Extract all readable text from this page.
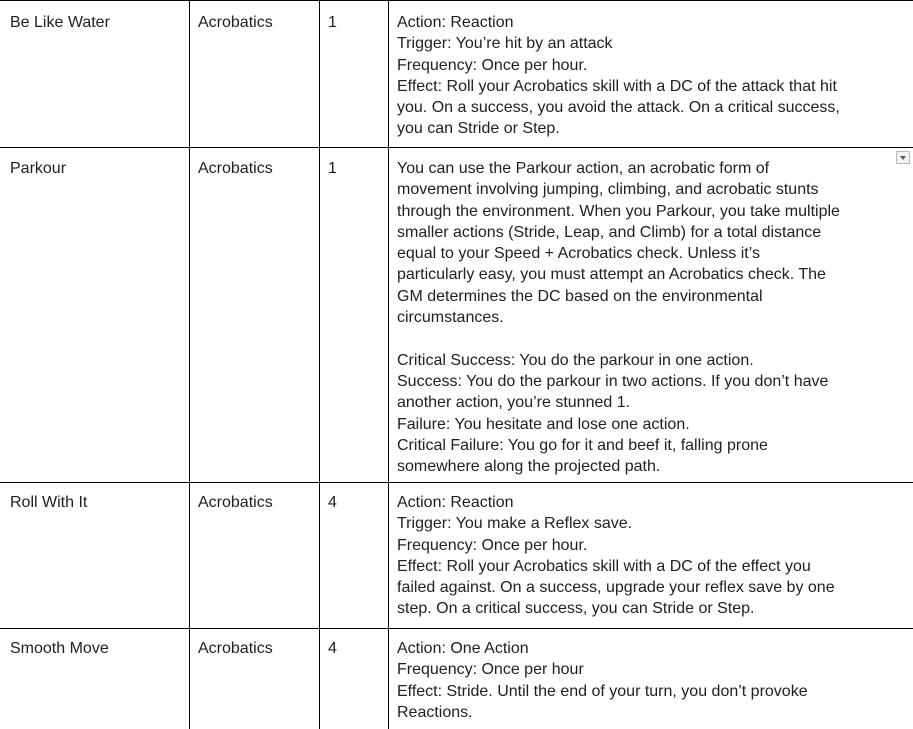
Be Like Water	Acrobatics	1	Action: Reaction
Trigger: You’re hit by an attack
Frequency: Once per hour.
Effect: Roll your Acrobatics skill with a DC of the attack that hit
you. On a success, you avoid the attack. On a critical success,
you can Stride or Step.
Parkour	Acrobatics	1	You can use the Parkour action, an acrobatic form of
movement involving jumping, climbing, and acrobatic stunts
through the environment. When you Parkour, you take multiple
smaller actions (Stride, Leap, and Climb) for a total distance
equal to your Speed + Acrobatics check. Unless it’s
particularly easy, you must attempt an Acrobatics check. The
GM determines the DC based on the environmental
circumstances.
Critical Success: You do the parkour in one action.
Success: You do the parkour in two actions. If you don’t have
another action, you’re stunned 1.
Failure: You hesitate and lose one action.
Critical Failure: You go for it and beef it, falling prone
somewhere along the projected path.
Roll With It	Acrobatics	4	Action: Reaction
Trigger: You make a Reflex save.
Frequency: Once per hour.
Effect: Roll your Acrobatics skill with a DC of the effect you
failed against. On a success, upgrade your reflex save by one
step. On a critical success, you can Stride or Step.
Smooth Move	Acrobatics	4	Action: One Action
Frequency: Once per hour
Effect: Stride. Until the end of your turn, you don’t provoke
Reactions.
